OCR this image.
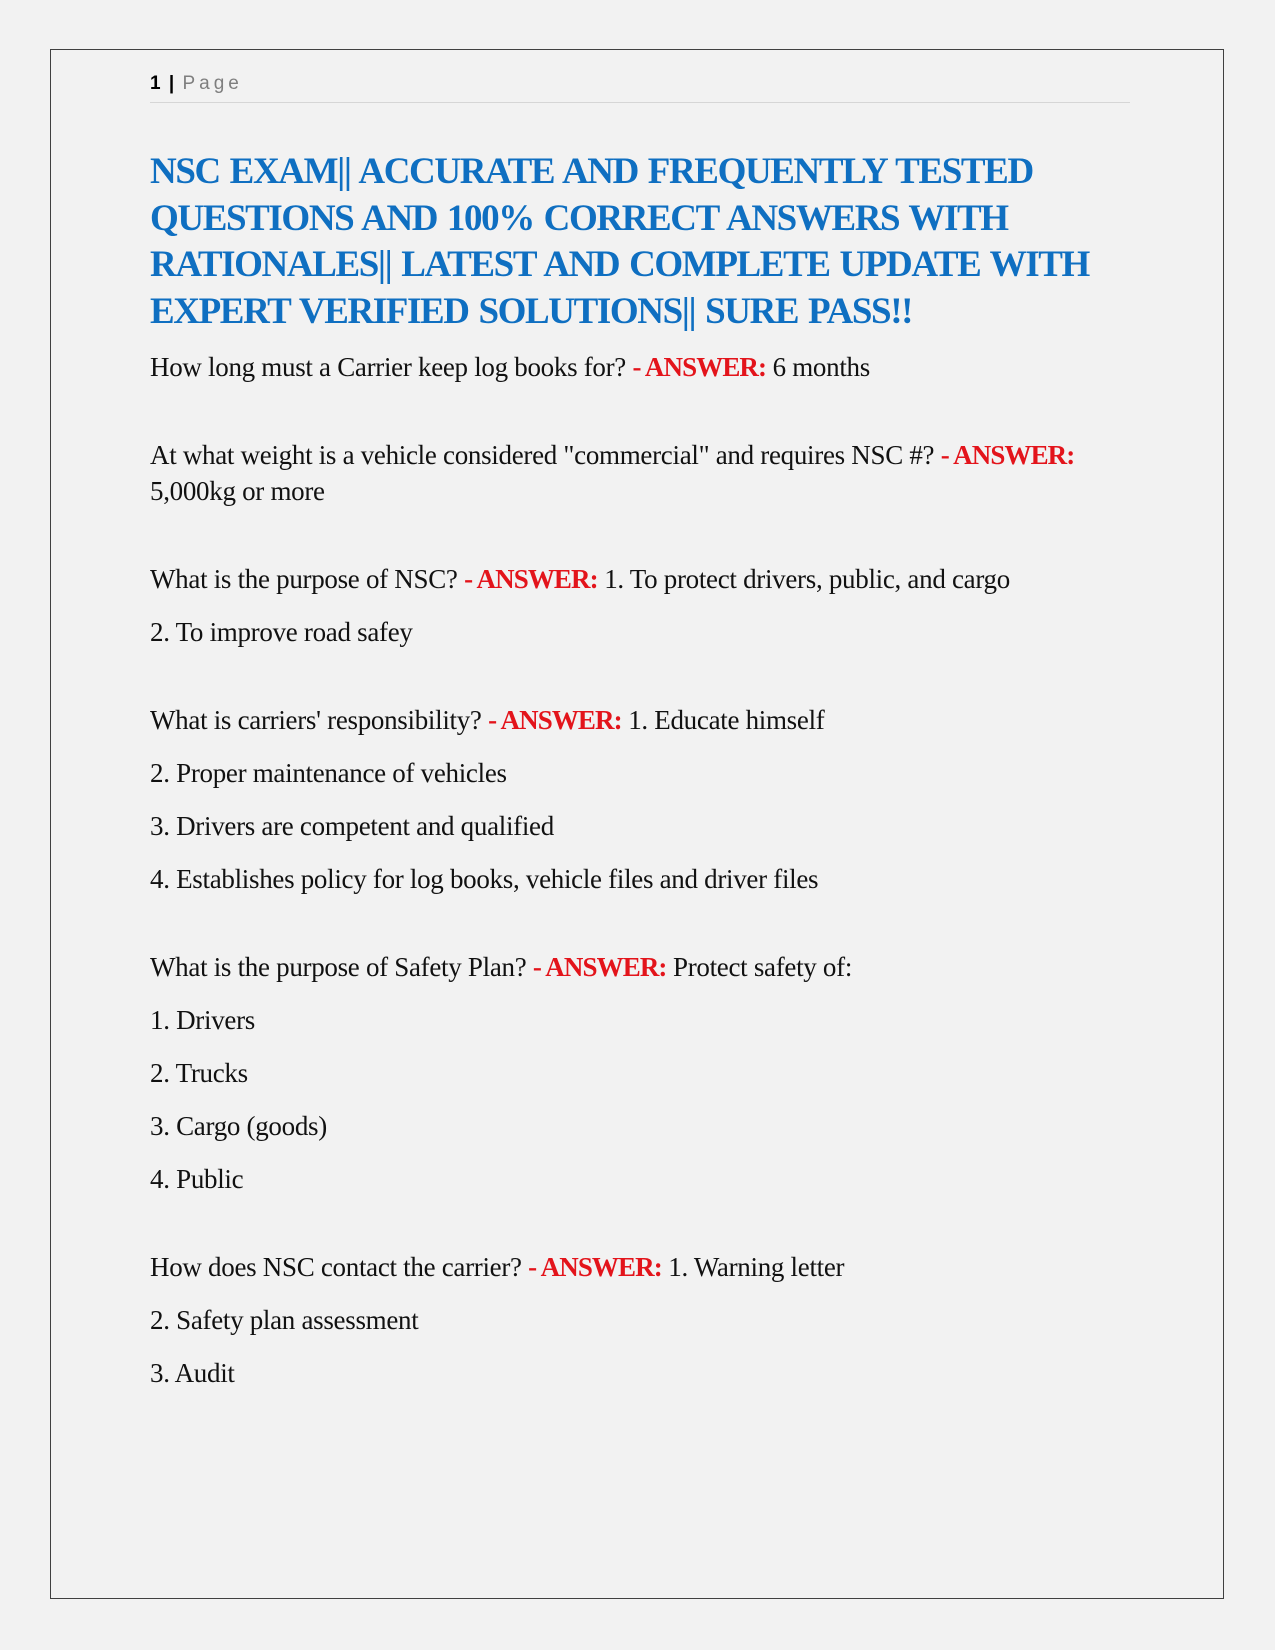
1 | Page
NSC EXAM|| ACCURATE AND FREQUENTLY TESTED QUESTIONS AND 100% CORRECT ANSWERS WITH RATIONALES|| LATEST AND COMPLETE UPDATE WITH EXPERT VERIFIED SOLUTIONS|| SURE PASS!!
How long must a Carrier keep log books for? - ANSWER: 6 months
At what weight is a vehicle considered "commercial" and requires NSC #? - ANSWER: 5,000kg or more
What is the purpose of NSC? - ANSWER: 1. To protect drivers, public, and cargo
2. To improve road safey
What is carriers' responsibility? - ANSWER: 1. Educate himself
2. Proper maintenance of vehicles
3. Drivers are competent and qualified
4. Establishes policy for log books, vehicle files and driver files
What is the purpose of Safety Plan? - ANSWER: Protect safety of:
1. Drivers
2. Trucks
3. Cargo (goods)
4. Public
How does NSC contact the carrier? - ANSWER: 1. Warning letter
2. Safety plan assessment
3. Audit
